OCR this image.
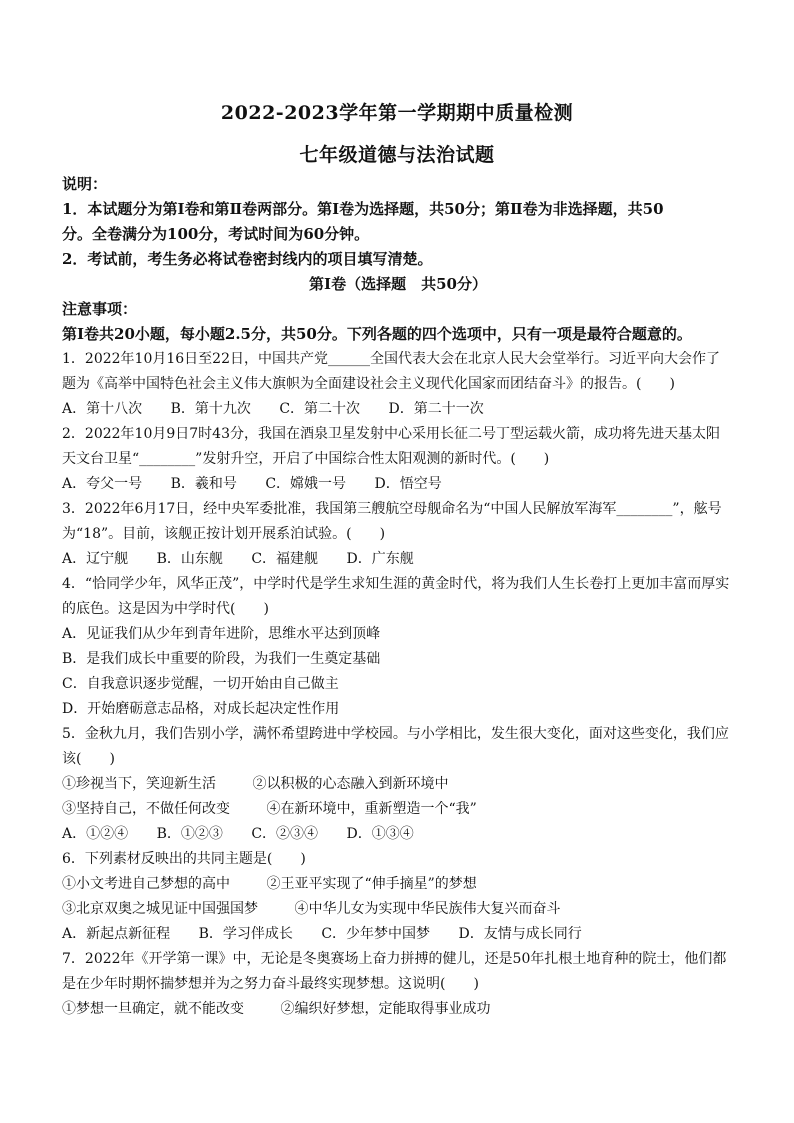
2022-2023学年第一学期期中质量检测
七年级道德与法治试题
说明：
1．本试题分为第Ⅰ卷和第Ⅱ卷两部分。第Ⅰ卷为选择题，共50分；第Ⅱ卷为非选择题，共50
分。全卷满分为100分，考试时间为60分钟。
2．考试前，考生务必将试卷密封线内的项目填写清楚。
第Ⅰ卷（选择题　共50分）
注意事项：
第Ⅰ卷共20小题，每小题2.5分，共50分。下列各题的四个选项中，只有一项是最符合题意的。
1．2022年10月16日至22日，中国共产党______全国代表大会在北京人民大会堂举行。习近平向大会作了
题为《高举中国特色社会主义伟大旗帜为全面建设社会主义现代化国家而团结奋斗》的报告。(　　)
A．第十八次 B．第十九次 C．第二十次 D．第二十一次
2．2022年10月9日7时43分，我国在酒泉卫星发射中心采用长征二号丁型运载火箭，成功将先进天基太阳
天文台卫星“________”发射升空，开启了中国综合性太阳观测的新时代。(　　)
A．夸父一号 B．羲和号 C．嫦娥一号 D．悟空号
3．2022年6月17日，经中央军委批准，我国第三艘航空母舰命名为“中国人民解放军海军________”，舷号
为“18”。目前，该舰正按计划开展系泊试验。(　　)
A．辽宁舰 B．山东舰 C．福建舰 D．广东舰
4．“恰同学少年，风华正茂”，中学时代是学生求知生涯的黄金时代，将为我们人生长卷打上更加丰富而厚实
的底色。这是因为中学时代(　　)
A．见证我们从少年到青年进阶，思维水平达到顶峰
B．是我们成长中重要的阶段，为我们一生奠定基础
C．自我意识逐步觉醒，一切开始由自己做主
D．开始磨砺意志品格，对成长起决定性作用
5．金秋九月，我们告别小学，满怀希望跨进中学校园。与小学相比，发生很大变化，面对这些变化，我们应
该(　　)
①珍视当下，笑迎新生活	②以积极的心态融入到新环境中
③坚持自己，不做任何改变	④在新环境中，重新塑造一个“我”
A．①②④ B．①②③ C．②③④ D．①③④
6．下列素材反映出的共同主题是(　　)
①小文考进自己梦想的高中	②王亚平实现了“伸手摘星”的梦想
③北京双奥之城见证中国强国梦	④中华儿女为实现中华民族伟大复兴而奋斗
A．新起点新征程 B．学习伴成长 C．少年梦中国梦 D．友情与成长同行
7．2022年《开学第一课》中，无论是冬奥赛场上奋力拼搏的健儿，还是50年扎根土地育种的院士，他们都
是在少年时期怀揣梦想并为之努力奋斗最终实现梦想。这说明(　　)
①梦想一旦确定，就不能改变	②编织好梦想，定能取得事业成功
